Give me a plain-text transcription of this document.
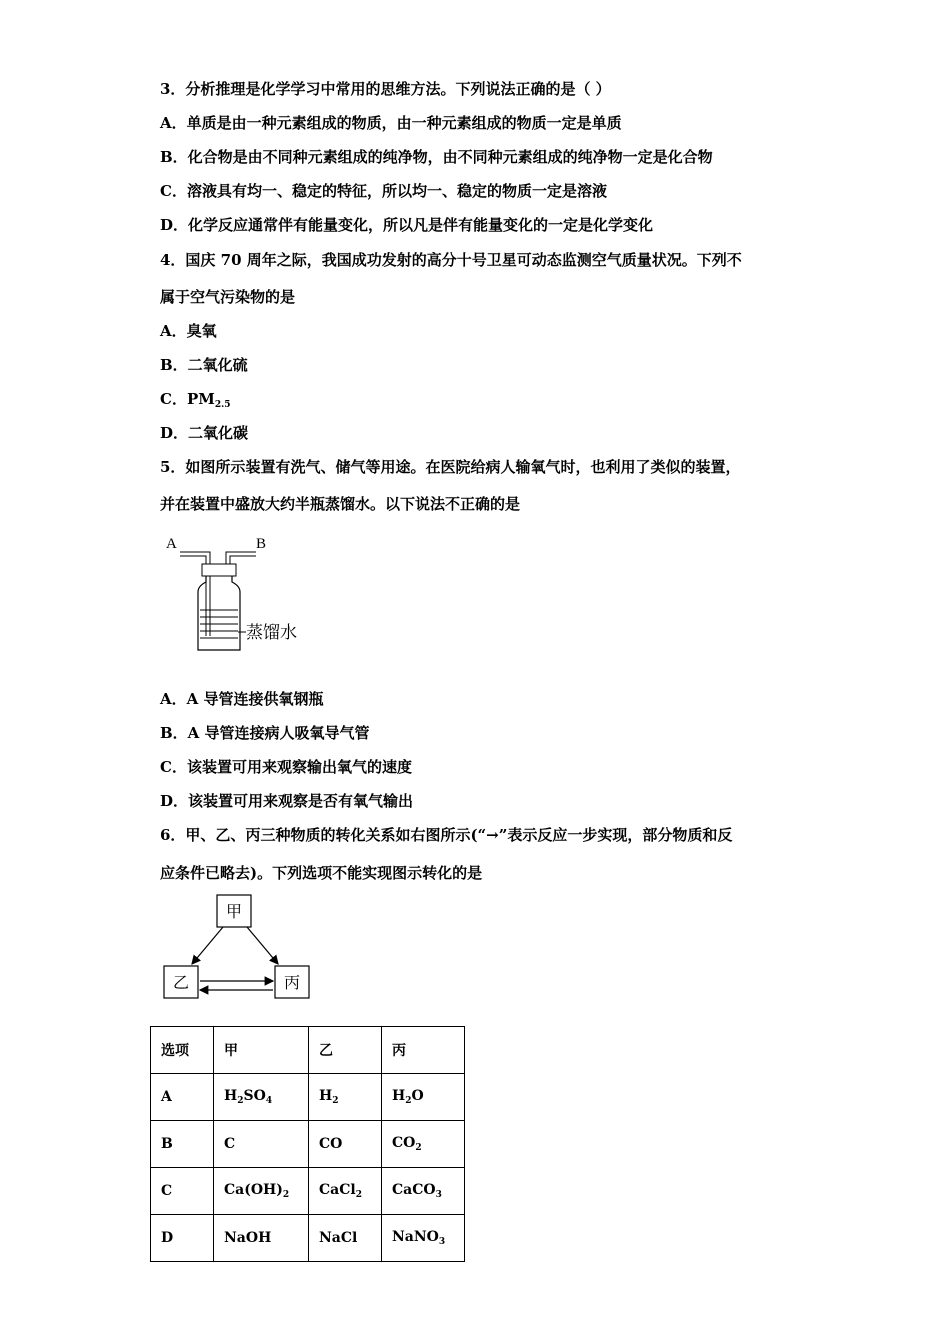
3．分析推理是化学学习中常用的思维方法。下列说法正确的是（ ）
A．单质是由一种元素组成的物质，由一种元素组成的物质一定是单质
B．化合物是由不同种元素组成的纯净物，由不同种元素组成的纯净物一定是化合物
C．溶液具有均一、稳定的特征，所以均一、稳定的物质一定是溶液
D．化学反应通常伴有能量变化，所以凡是伴有能量变化的一定是化学变化
4．国庆 70 周年之际，我国成功发射的高分十号卫星可动态监测空气质量状况。下列不
属于空气污染物的是
A．臭氧
B．二氧化硫
C．$PM_{2.5}$
D．二氧化碳
5．如图所示装置有洗气、储气等用途。在医院给病人输氧气时，也利用了类似的装置，
并在装置中盛放大约半瓶蒸馏水。以下说法不正确的是
A	B
蒸馏水
A．A 导管连接供氧钢瓶
B．A 导管连接病人吸氧导气管
C．该装置可用来观察输出氧气的速度
D．该装置可用来观察是否有氧气输出
6．甲、乙、丙三种物质的转化关系如右图所示(“→”表示反应一步实现，部分物质和反
应条件已略去)。下列选项不能实现图示转化的是
甲
乙	丙
选项	甲	乙	丙
A	$H_2SO_4$	$H_2$	$H_2O$
B	C	CO	$CO_2$
C	$Ca(OH)_2$	CaCl$_2$	CaCO$_3$
D	NaOH	NaCl	NaNO$_3$
